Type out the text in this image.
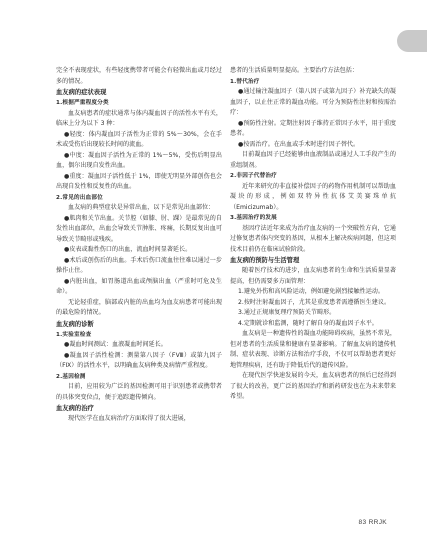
完全不表现症状，有些轻度携带者可能会有轻微出血或月经过多的情况。

血友病的症状表现

1.根据严重程度分类

血友病患者的症状通常与体内凝血因子的活性水平有关，临床上分为以下 3 种：

●轻度：体内凝血因子活性为正常的 5%～30%，会在手术或受伤后出现较长时间的流血。

●中度：凝血因子活性为正常的 1%～5%，受伤后明显出血，偶尔出现自发性出血。

●重度：凝血因子活性低于 1%，即使无明显外部创伤也会出现自发性和反复性的出血。

2.常见的出血部位

血友病的典型症状是异常出血，以下是常见出血部位：

●肌肉和关节出血。关节腔（如膝、肘、踝）是最常见的自发性出血部位，出血会导致关节肿胀、疼痛，长期反复出血可导致关节畸形或残疾。

●皮表或黏性伤口的出血，流血时间显著延长。

●术后或创伤后的出血。手术后伤口流血往往难以通过一步操作止住。

●内脏出血，如胃肠道出血或颅脑出血（严重时可危及生命）。

无论轻重症，脑部或内脏的出血均为血友病患者可能出现的最危险的情况。

血友病的诊断

1.实验室检查

●凝血时间测试：血液凝血时间延长。

●凝血因子活性检测：测量第八因子（FⅧ）或第九因子（FⅨ）的活性水平，以明确血友病种类及病情严重程度。

2.基因检测

目前，应用较为广泛的基因检测可用于识别患者或携带者的具体突变位点，便于追踪遗传倾向。

血友病的治疗

现代医学在血友病治疗方面取得了很大进展，

患者的生活质量明显提高。主要治疗方法包括：

1.替代治疗

●通过输注凝血因子（第八因子或第九因子）补充缺失的凝血因子，以止住正常的凝血功能。可分为预防性注射和按需治疗：

●预防性注射。定期注射因子维持正常因子水平，用于重度患者。

●按需治疗。在出血或手术时进行因子替代。

目前凝血因子已经能够由血液制品或通过人工手段产生的重组制剂。

2.非因子代替治疗

近年来研究的非直接补偿因子的药物作用机制可以帮助血凝块的形成，例如双特异性抗体艾美赛珠单抗（Emicizumab）。

3.基因治疗的发展

基因疗法近年来成为治疗血友病的一个突破性方向，它通过修复患者体内突变的基因，从根本上解决疾病问题，但这项技术目前仍在临床试验阶段。

血友病的预防与生活管理

随着医疗技术的进步，血友病患者的生命和生活质量显著提高，但仍需要多方面管理：

1.避免外伤和高风险运动，例如避免剧烈接触性运动。

2.按时注射凝血因子，尤其是重度患者需遵循医生建议。

3.通过正规康复理疗预防关节畸形。

4.定期就诊和监测，随时了解自身的凝血因子水平。

血友病是一种遗传性的凝血功能障碍疾病，虽然不常见，但对患者的生活质量和健康有显著影响。了解血友病的遗传机制、症状表现、诊断方法和治疗手段，不仅可以帮助患者更好地管理疾病，还有助于降低后代的遗传风险。

在现代医学快速发展的今天，血友病患者的预后已经得到了很大的改善，更广泛的基因治疗和新药研发也在为未来带来希望。

83 RRJK
